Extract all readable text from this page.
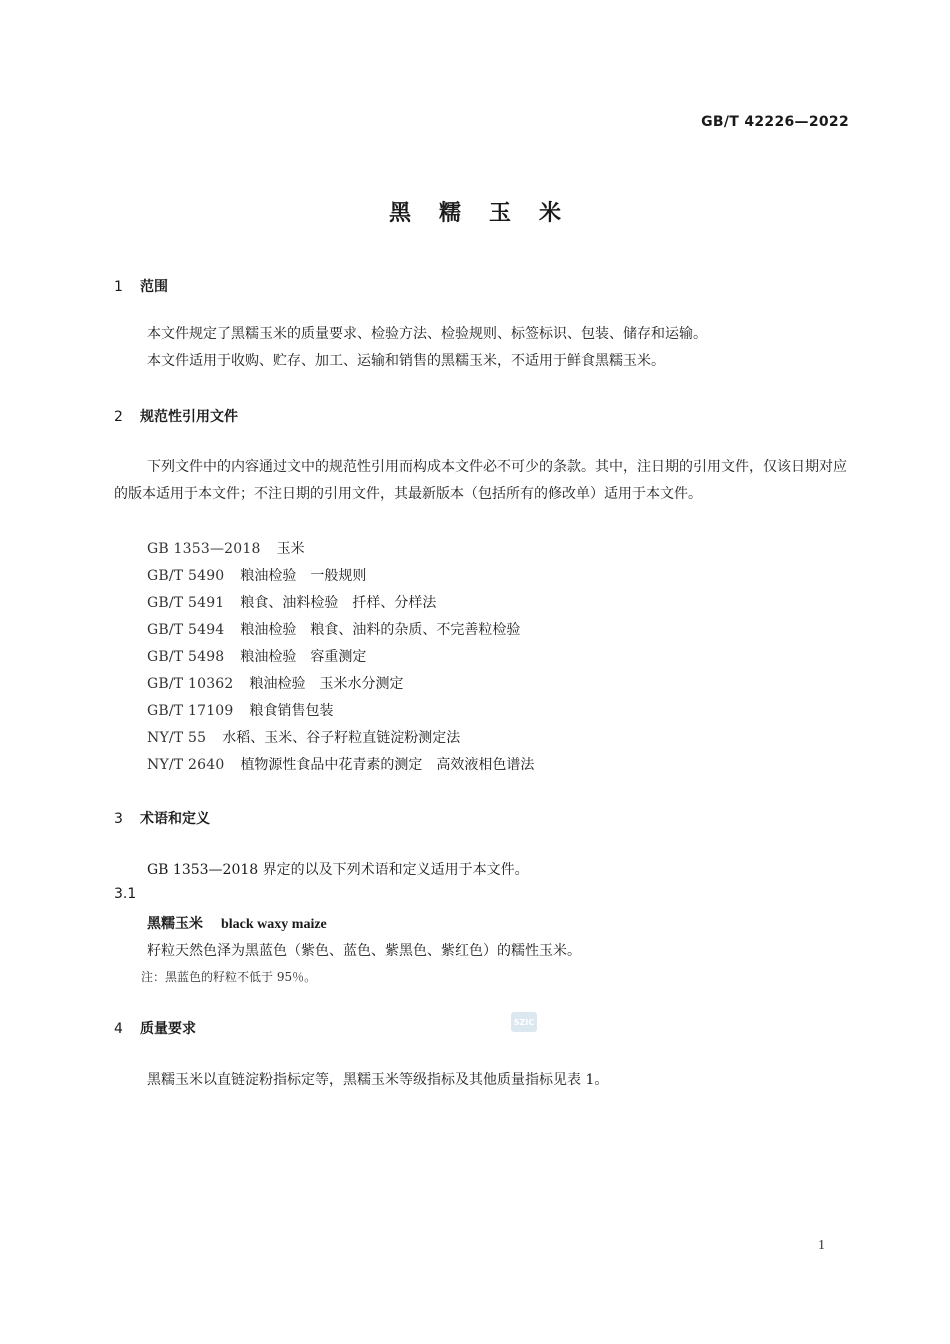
GB/T 42226—2022
黑糯玉米
1 范围
本文件规定了黑糯玉米的质量要求、检验方法、检验规则、标签标识、包装、储存和运输。
本文件适用于收购、贮存、加工、运输和销售的黑糯玉米，不适用于鲜食黑糯玉米。
2 规范性引用文件
下列文件中的内容通过文中的规范性引用而构成本文件必不可少的条款。其中，注日期的引用文件，仅该日期对应的版本适用于本文件；不注日期的引用文件，其最新版本（包括所有的修改单）适用于本文件。
GB 1353—2018 玉米
GB/T 5490 粮油检验　一般规则
GB/T 5491 粮食、油料检验　扦样、分样法
GB/T 5494 粮油检验　粮食、油料的杂质、不完善粒检验
GB/T 5498 粮油检验　容重测定
GB/T 10362 粮油检验　玉米水分测定
GB/T 17109 粮食销售包装
NY/T 55 水稻、玉米、谷子籽粒直链淀粉测定法
NY/T 2640 植物源性食品中花青素的测定　高效液相色谱法
3 术语和定义
GB 1353—2018 界定的以及下列术语和定义适用于本文件。
3.1
黑糯玉米 black waxy maize
籽粒天然色泽为黑蓝色（紫色、蓝色、紫黑色、紫红色）的糯性玉米。
注：黑蓝色的籽粒不低于 95％。
4 质量要求
黑糯玉米以直链淀粉指标定等，黑糯玉米等级指标及其他质量指标见表 1。
SZIC
1
